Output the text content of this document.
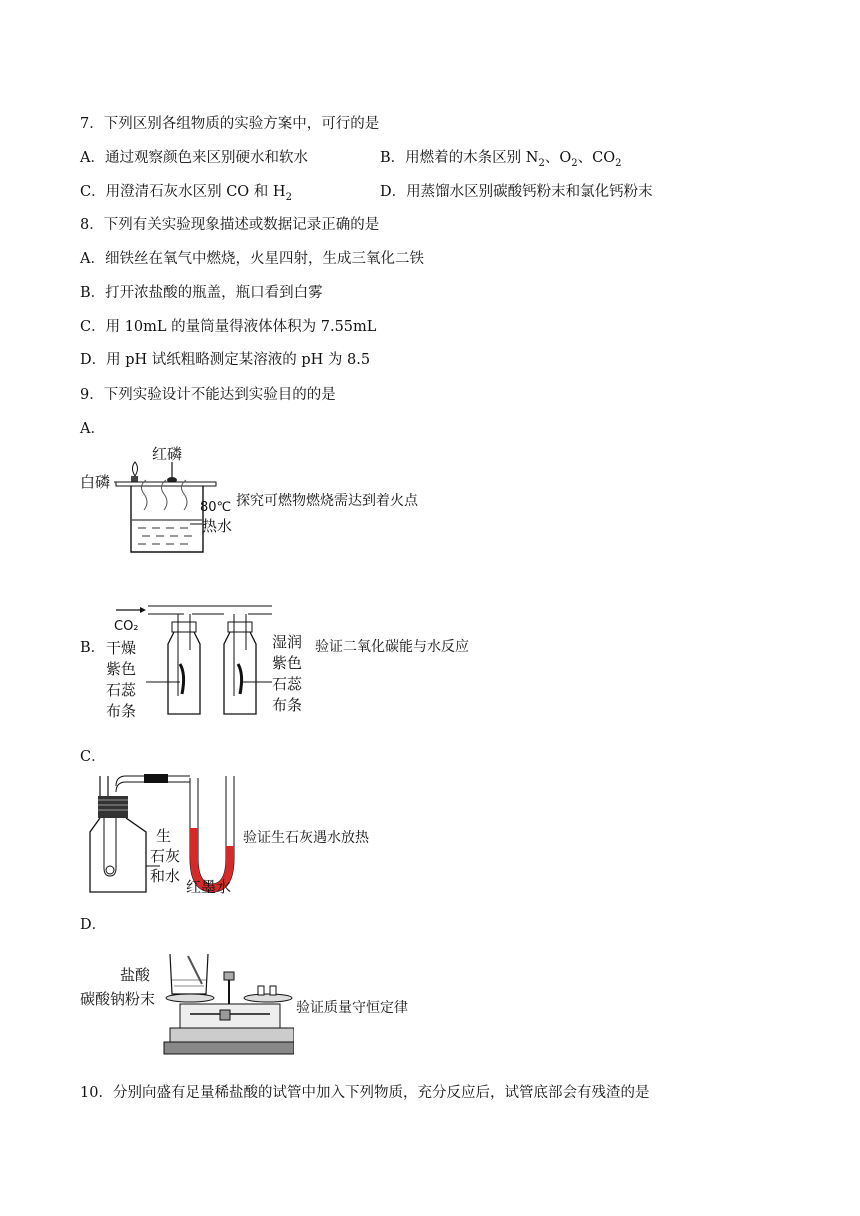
7．下列区别各组物质的实验方案中，可行的是
A．通过观察颜色来区别硬水和软水	B．用燃着的木条区别 $N_2$、$O_2$、$CO_2$
C．用澄清石灰水区别 CO 和 $H_2$	D．用蒸馏水区别碳酸钙粉末和氯化钙粉末
8．下列有关实验现象描述或数据记录正确的是
A．细铁丝在氧气中燃烧，火星四射，生成三氧化二铁
B．打开浓盐酸的瓶盖，瓶口看到白雾
C．用 10mL 的量筒量得液体体积为 7.55mL
D．用 pH 试纸粗略测定某溶液的 pH 为 8.5
9．下列实验设计不能达到实验目的的是
A．
红磷
白磷
80℃
热水
探究可燃物燃烧需达到着火点
B．
CO₂
干燥
紫色
石蕊
布条
湿润
紫色
石蕊
布条
验证二氧化碳能与水反应
C．
生
石灰
和水
红墨水
验证生石灰遇水放热
D．
盐酸
碳酸钠粉末	验证质量守恒定律
10．分别向盛有足量稀盐酸的试管中加入下列物质，充分反应后，试管底部会有残渣的是
